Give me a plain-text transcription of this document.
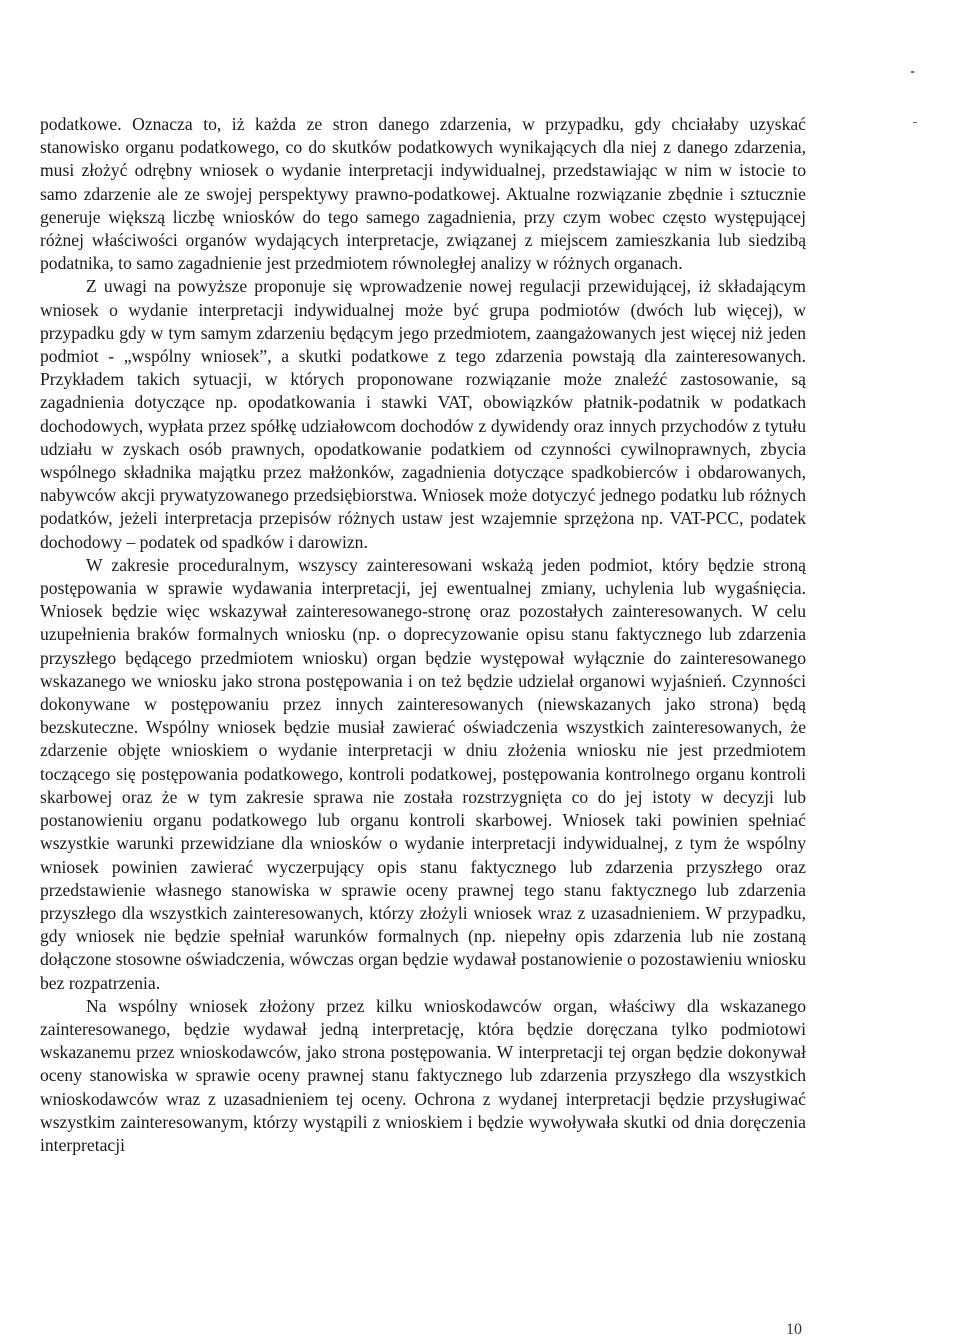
podatkowe. Oznacza to, iż każda ze stron danego zdarzenia, w przypadku, gdy chciałaby uzyskać stanowisko organu podatkowego, co do skutków podatkowych wynikających dla niej z danego zdarzenia, musi złożyć odrębny wniosek o wydanie interpretacji indywidualnej, przedstawiając w nim w istocie to samo zdarzenie ale ze swojej perspektywy prawno-podatkowej. Aktualne rozwiązanie zbędnie i sztucznie generuje większą liczbę wniosków do tego samego zagadnienia, przy czym wobec często występującej różnej właściwości organów wydających interpretacje, związanej z miejscem zamieszkania lub siedzibą podatnika, to samo zagadnienie jest przedmiotem równoległej analizy w różnych organach.

Z uwagi na powyższe proponuje się wprowadzenie nowej regulacji przewidującej, iż składającym wniosek o wydanie interpretacji indywidualnej może być grupa podmiotów (dwóch lub więcej), w przypadku gdy w tym samym zdarzeniu będącym jego przedmiotem, zaangażowanych jest więcej niż jeden podmiot - „wspólny wniosek”, a skutki podatkowe z tego zdarzenia powstają dla zainteresowanych. Przykładem takich sytuacji, w których proponowane rozwiązanie może znaleźć zastosowanie, są zagadnienia dotyczące np. opodatkowania i stawki VAT, obowiązków płatnik-podatnik w podatkach dochodowych, wypłata przez spółkę udziałowcom dochodów z dywidendy oraz innych przychodów z tytułu udziału w zyskach osób prawnych, opodatkowanie podatkiem od czynności cywilnoprawnych, zbycia wspólnego składnika majątku przez małżonków, zagadnienia dotyczące spadkobierców i obdarowanych, nabywców akcji prywatyzowanego przedsiębiorstwa. Wniosek może dotyczyć jednego podatku lub różnych podatków, jeżeli interpretacja przepisów różnych ustaw jest wzajemnie sprzężona np. VAT-PCC, podatek dochodowy – podatek od spadków i darowizn.

W zakresie proceduralnym, wszyscy zainteresowani wskażą jeden podmiot, który będzie stroną postępowania w sprawie wydawania interpretacji, jej ewentualnej zmiany, uchylenia lub wygaśnięcia. Wniosek będzie więc wskazywał zainteresowanego-stronę oraz pozostałych zainteresowanych. W celu uzupełnienia braków formalnych wniosku (np. o doprecyzowanie opisu stanu faktycznego lub zdarzenia przyszłego będącego przedmiotem wniosku) organ będzie występował wyłącznie do zainteresowanego wskazanego we wniosku jako strona postępowania i on też będzie udzielał organowi wyjaśnień. Czynności dokonywane w postępowaniu przez innych zainteresowanych (niewskazanych jako strona) będą bezskuteczne. Wspólny wniosek będzie musiał zawierać oświadczenia wszystkich zainteresowanych, że zdarzenie objęte wnioskiem o wydanie interpretacji w dniu złożenia wniosku nie jest przedmiotem toczącego się postępowania podatkowego, kontroli podatkowej, postępowania kontrolnego organu kontroli skarbowej oraz że w tym zakresie sprawa nie została rozstrzygnięta co do jej istoty w decyzji lub postanowieniu organu podatkowego lub organu kontroli skarbowej. Wniosek taki powinien spełniać wszystkie warunki przewidziane dla wniosków o wydanie interpretacji indywidualnej, z tym że wspólny wniosek powinien zawierać wyczerpujący opis stanu faktycznego lub zdarzenia przyszłego oraz przedstawienie własnego stanowiska w sprawie oceny prawnej tego stanu faktycznego lub zdarzenia przyszłego dla wszystkich zainteresowanych, którzy złożyli wniosek wraz z uzasadnieniem. W przypadku, gdy wniosek nie będzie spełniał warunków formalnych (np. niepełny opis zdarzenia lub nie zostaną dołączone stosowne oświadczenia, wówczas organ będzie wydawał postanowienie o pozostawieniu wniosku bez rozpatrzenia.

Na wspólny wniosek złożony przez kilku wnioskodawców organ, właściwy dla wskazanego zainteresowanego, będzie wydawał jedną interpretację, która będzie doręczana tylko podmiotowi wskazanemu przez wnioskodawców, jako strona postępowania. W interpretacji tej organ będzie dokonywał oceny stanowiska w sprawie oceny prawnej stanu faktycznego lub zdarzenia przyszłego dla wszystkich wnioskodawców wraz z uzasadnieniem tej oceny. Ochrona z wydanej interpretacji będzie przysługiwać wszystkim zainteresowanym, którzy wystąpili z wnioskiem i będzie wywoływała skutki od dnia doręczenia interpretacji

10
